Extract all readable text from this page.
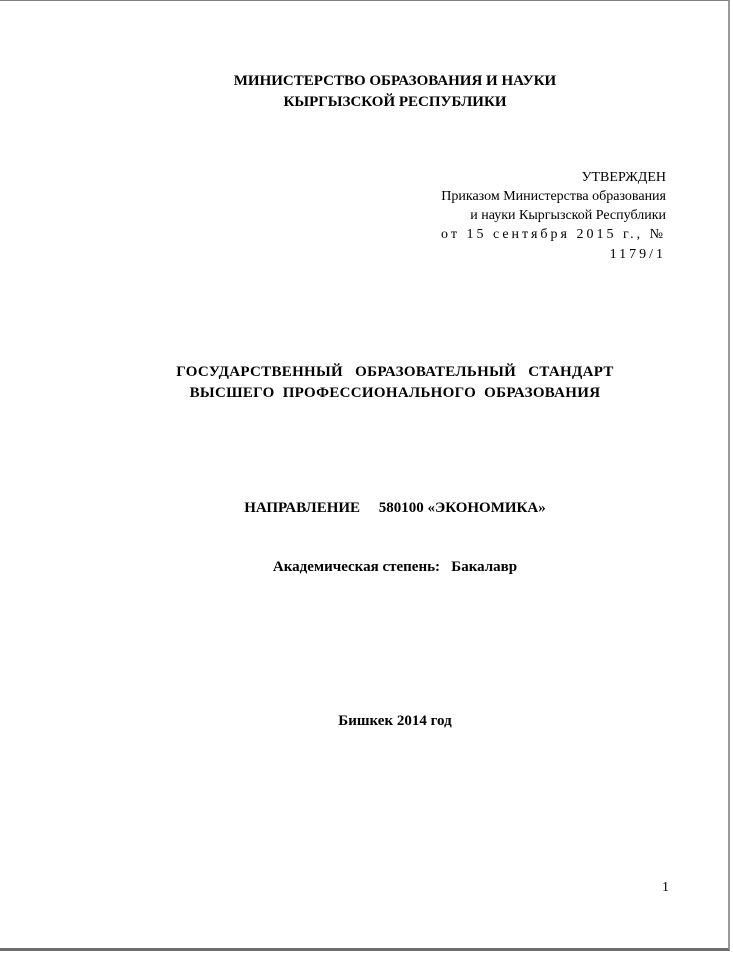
МИНИСТЕРСТВО ОБРАЗОВАНИЯ И НАУКИ
КЫРГЫЗСКОЙ РЕСПУБЛИКИ
УТВЕРЖДЕН
Приказом Министерства образования
и науки Кыргызской Республики
от 15 сентября 2015 г., №
1179/1
ГОСУДАРСТВЕННЫЙ   ОБРАЗОВАТЕЛЬНЫЙ   СТАНДАРТ
ВЫСШЕГО  ПРОФЕССИОНАЛЬНОГО  ОБРАЗОВАНИЯ
НАПРАВЛЕНИЕ 580100 «ЭКОНОМИКА»
Академическая степень: Бакалавр
Бишкек 2014 год
1
